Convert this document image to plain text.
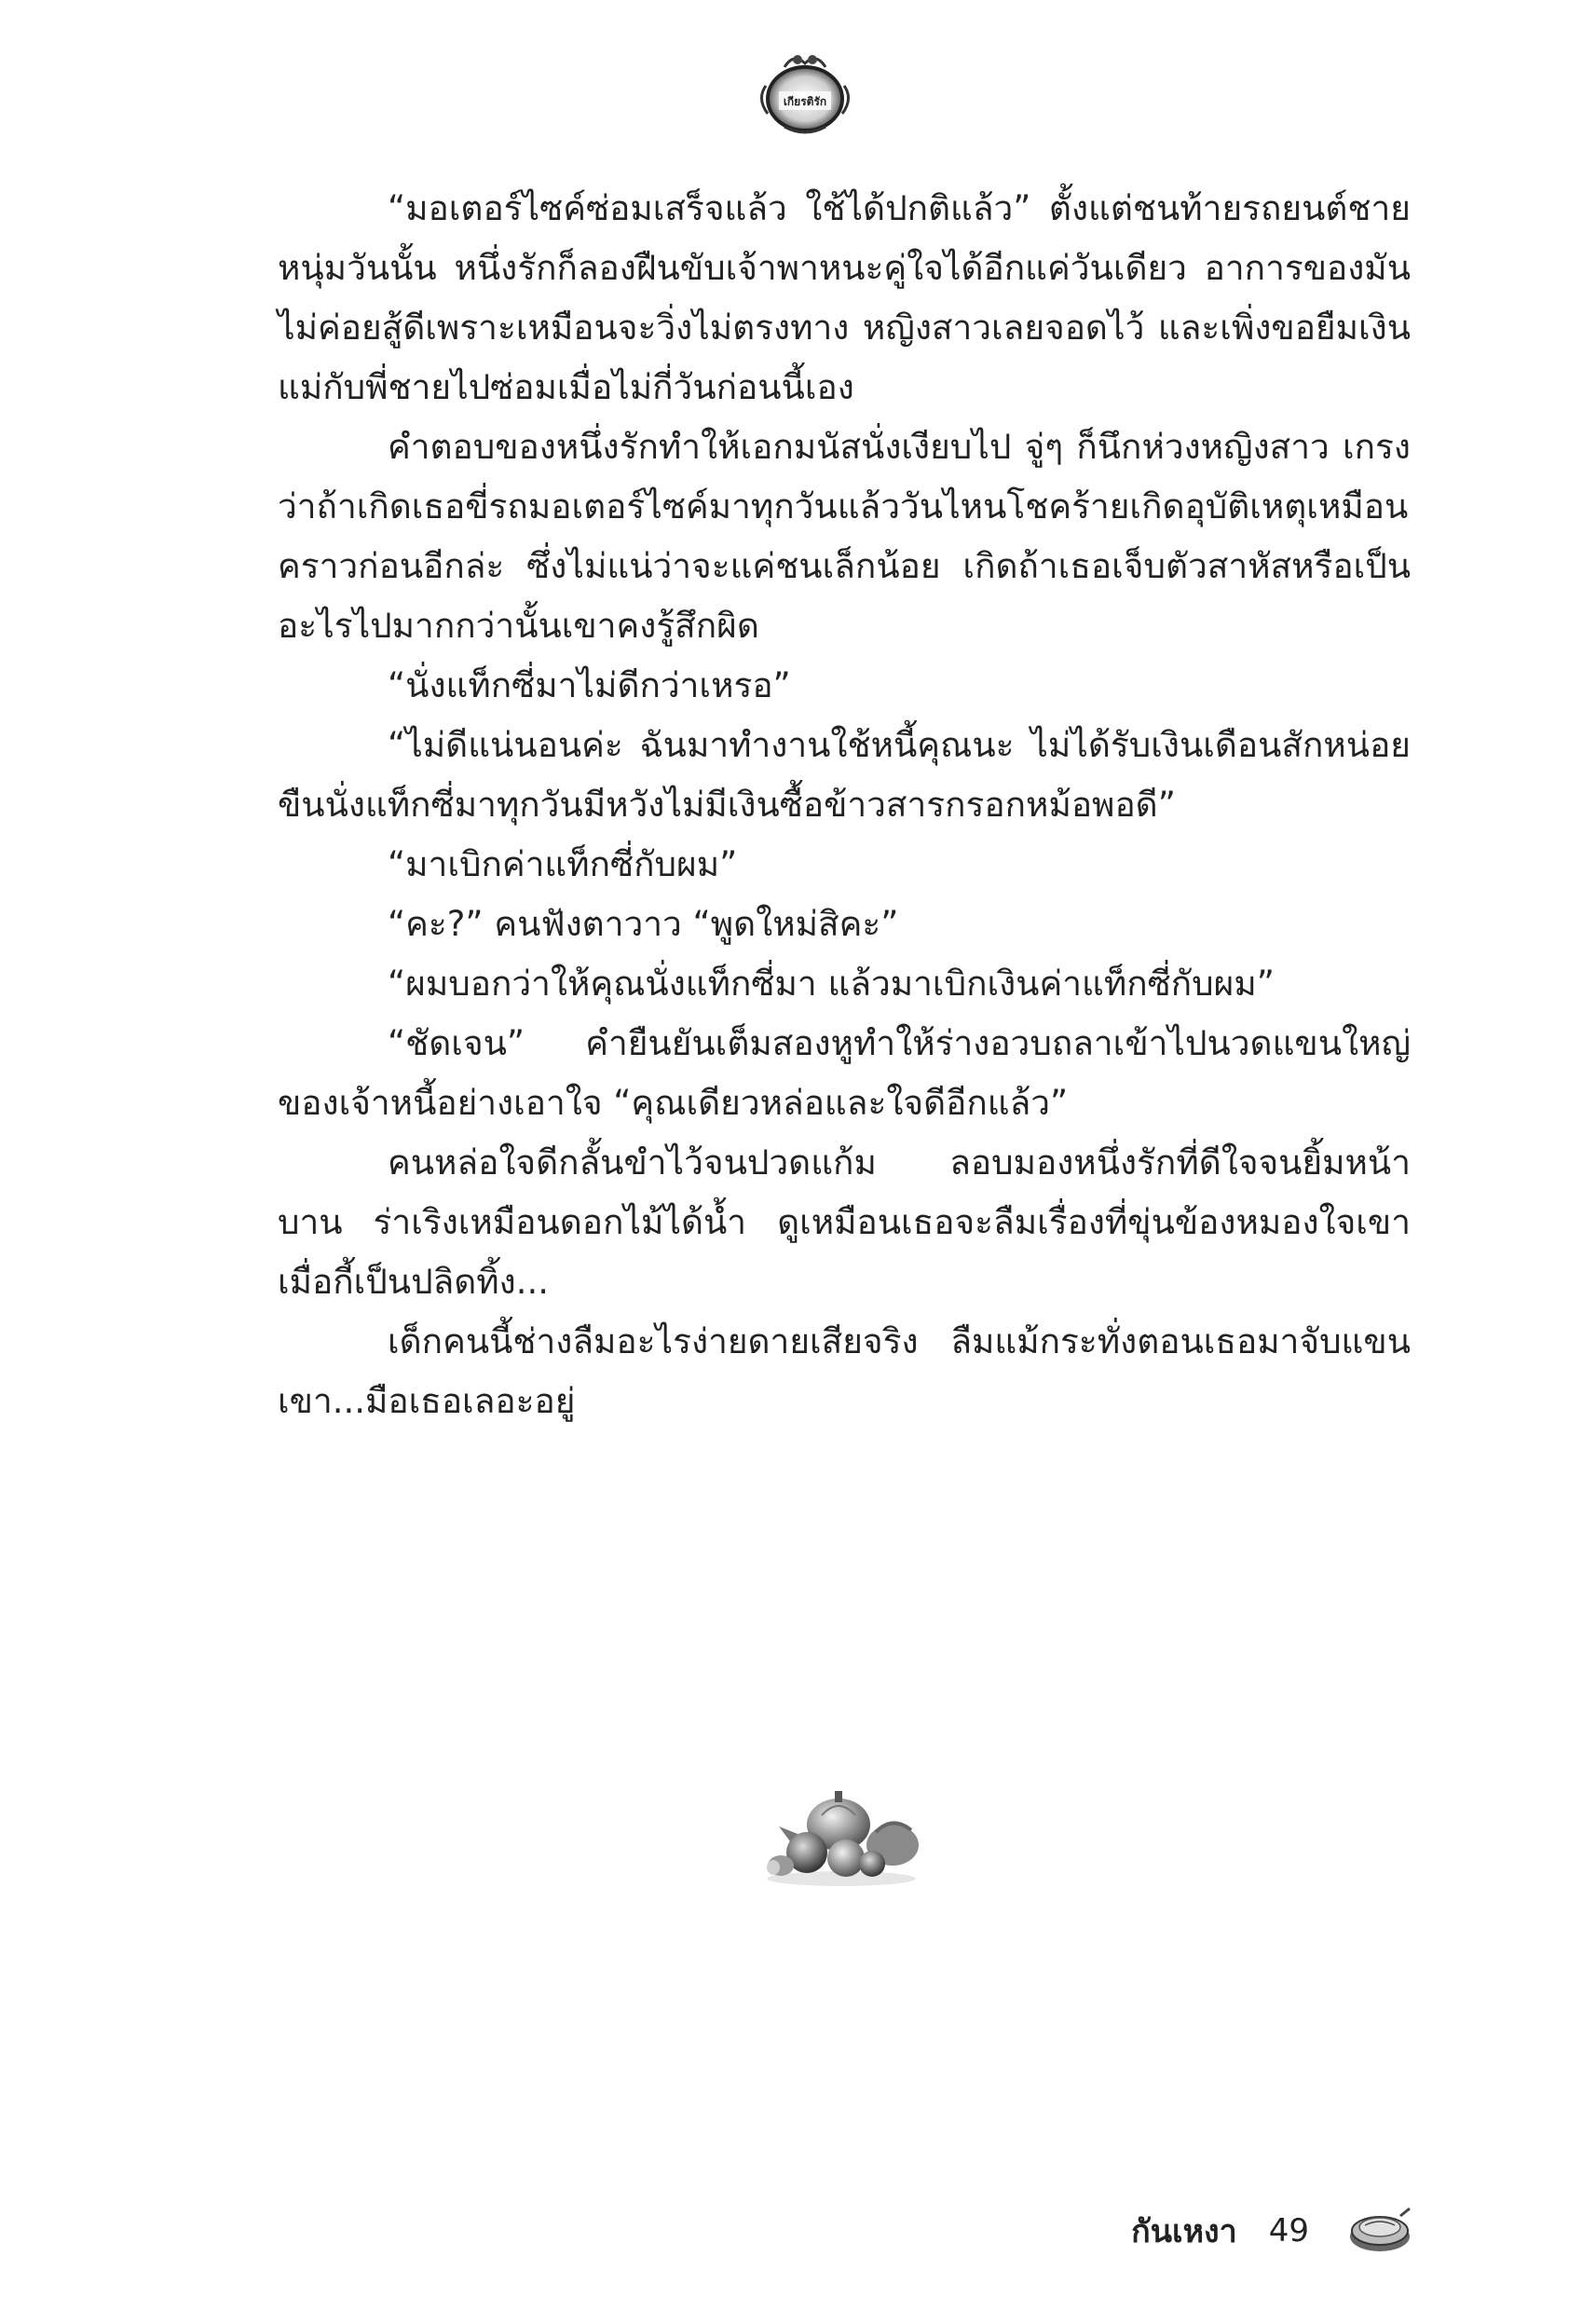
เกียรติรัก

“มอเตอร์ไซค์ซ่อมเสร็จแล้ว ใช้ได้ปกติแล้ว” ตั้งแต่ชนท้ายรถยนต์ชายหนุ่มวันนั้น หนึ่งรักก็ลองฝืนขับเจ้าพาหนะคู่ใจได้อีกแค่วันเดียว อาการของมันไม่ค่อยสู้ดีเพราะเหมือนจะวิ่งไม่ตรงทาง หญิงสาวเลยจอดไว้ และเพิ่งขอยืมเงินแม่กับพี่ชายไปซ่อมเมื่อไม่กี่วันก่อนนี้เอง

คำตอบของหนึ่งรักทำให้เอกมนัสนั่งเงียบไป จู่ๆ ก็นึกห่วงหญิงสาว เกรงว่าถ้าเกิดเธอขี่รถมอเตอร์ไซค์มาทุกวันแล้ววันไหนโชคร้ายเกิดอุบัติเหตุเหมือนคราวก่อนอีกล่ะ ซึ่งไม่แน่ว่าจะแค่ชนเล็กน้อย เกิดถ้าเธอเจ็บตัวสาหัสหรือเป็นอะไรไปมากกว่านั้นเขาคงรู้สึกผิด

“นั่งแท็กซี่มาไม่ดีกว่าเหรอ”

“ไม่ดีแน่นอนค่ะ ฉันมาทำงานใช้หนี้คุณนะ ไม่ได้รับเงินเดือนสักหน่อย ขืนนั่งแท็กซี่มาทุกวันมีหวังไม่มีเงินซื้อข้าวสารกรอกหม้อพอดี”

“มาเบิกค่าแท็กซี่กับผม”

“คะ?” คนฟังตาวาว “พูดใหม่สิคะ”

“ผมบอกว่าให้คุณนั่งแท็กซี่มา แล้วมาเบิกเงินค่าแท็กซี่กับผม”

“ชัดเจน” คำยืนยันเต็มสองหูทำให้ร่างอวบถลาเข้าไปนวดแขนใหญ่ของเจ้าหนี้อย่างเอาใจ “คุณเดียวหล่อและใจดีอีกแล้ว”

คนหล่อใจดีกลั้นขำไว้จนปวดแก้ม ลอบมองหนึ่งรักที่ดีใจจนยิ้มหน้าบาน ร่าเริงเหมือนดอกไม้ได้น้ำ ดูเหมือนเธอจะลืมเรื่องที่ขุ่นข้องหมองใจเขาเมื่อกี้เป็นปลิดทิ้ง...

เด็กคนนี้ช่างลืมอะไรง่ายดายเสียจริง ลืมแม้กระทั่งตอนเธอมาจับแขนเขา...มือเธอเลอะอยู่

กันเหงา 49
